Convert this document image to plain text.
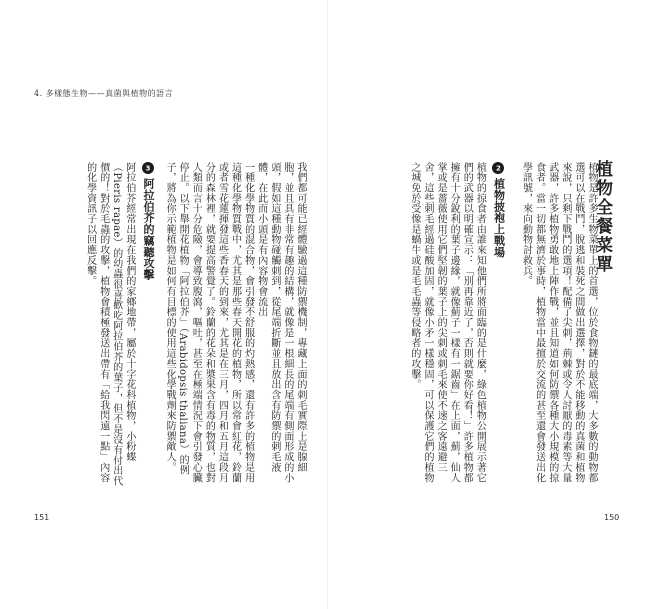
4. 多樣態生物——真菌與植物的語言
植物全餐菜單

植物是許多生物菜單上的首選，位於食物鏈的最底端，大多數的動物都選可以在戰鬥，脫逃和裝死之間做出選擇，對於不能移動的真菌和植物來說，只剩下戰鬥的選項！配備了尖刺，荊棘或令人討厭的毒素等大量武器，許多植物勇敢地上陣作戰，並且知道如何防禦各種大小規模的掠食者。當一切都無濟於事時，植物當中最擅於交流的甚至還會發送出化學訊號，來向動物討救兵。

2植物披袍上戰場

植物的掠食者由誰來知他們所將面臨的是什麼，綠色植物公開展示著它們的武器以明確宣示：「別再靠近了，否則就要你好看！」許多植物都擁有十分銳利的葉子邊緣，就像薊子一樣有一鋸齒」在上面，薊，仙人掌或是薔薇使用它們堅韌的葉子上的尖刺或刺毛來使不速之客遠避三舍，這些刺毛經過硅酸加固，就像小矛一樣穩固，可以保護它們的植物之城免於受像是蝸牛或是毛毛蟲等侵略者的攻擊。

我們都可能已經體驗過這種防禦機制，專藏上面的刺毛實際上是腺細胞，並且具有非常有趣的結構，就像是一根細長的尾端有側面形成的小頭，假如這種動物碰觸刺到，從尾端折斷並且放出含有防禦的刺毛液體，在此而小頭是有內容物會流出

一種化學物質的混合物，會引發不舒服的灼熱感，還有許多的植物是用這種化學物質戰中，尤其是那些春天開花的植物，所以常會紅花，鈴蘭或者雪花蓮揮發這些香春天的到來，尤其是在三月，四月和五月這段月分的森林裡，就要提高警覺了。鈴蘭的花朵和漿果含有毒的物質，也對人類而言十分危險，會導致腹瀉，嘔吐，甚至在極端情況下會引發心臟停止。以下舉開花植物「阿拉伯芥」（Arabidopsis thaliana）的例子，將為你示範植物是如何有目標的使用這些化學戰劑來防禦敵人。

3阿拉伯芥的竊聽攻擊

阿拉伯芥經常出現在我們的家鄉地帶，屬於十字花科植物，小粉蝶（Pieris rapae）的幼蟲很喜歡吃阿拉伯芥的葉子，但不是沒有付出代價的！對於毛蟲的攻擊，植物會積極發送出帶有「給我閃遠一點」內容的化學資訊子以回應反擊。

151	150
